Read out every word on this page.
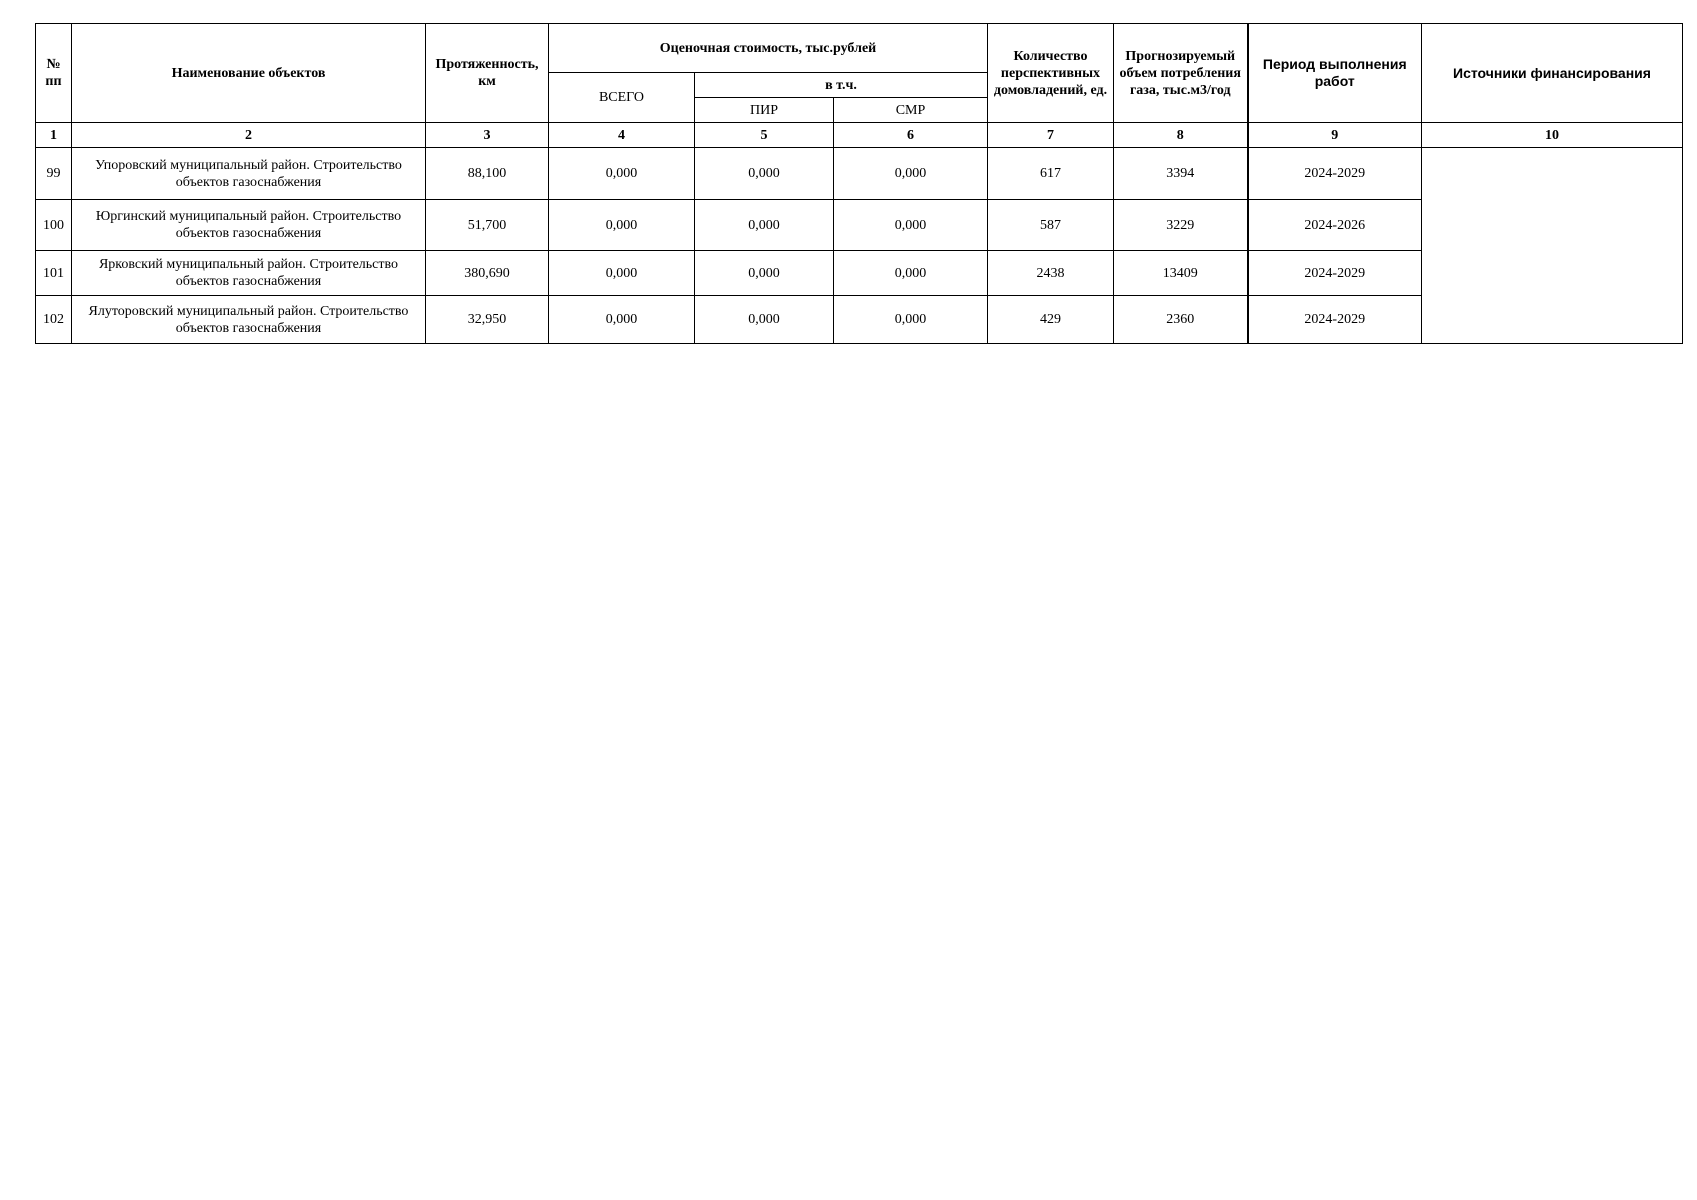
№ пп	Наименование объектов	Протяженность, км	Оценочная стоимость, тыс.рублей			Количество перспективных домовладений, ед.	Прогнозируемый объем потребления газа, тыс.м3/год	Период выполнения работ	Источники финансирования
			ВСЕГО	в т.ч.					
				ПИР	СМР				
1	2	3	4	5	6	7	8	9	10
99	Упоровский муниципальный район. Строительство объектов газоснабжения	88,100	0,000	0,000	0,000	617	3394	2024-2029	
100	Юргинский муниципальный район. Строительство объектов газоснабжения	51,700	0,000	0,000	0,000	587	3229	2024-2026	
101	Ярковский муниципальный район. Строительство объектов газоснабжения	380,690	0,000	0,000	0,000	2438	13409	2024-2029	
102	Ялуторовский муниципальный район. Строительство объектов газоснабжения	32,950	0,000	0,000	0,000	429	2360	2024-2029	
